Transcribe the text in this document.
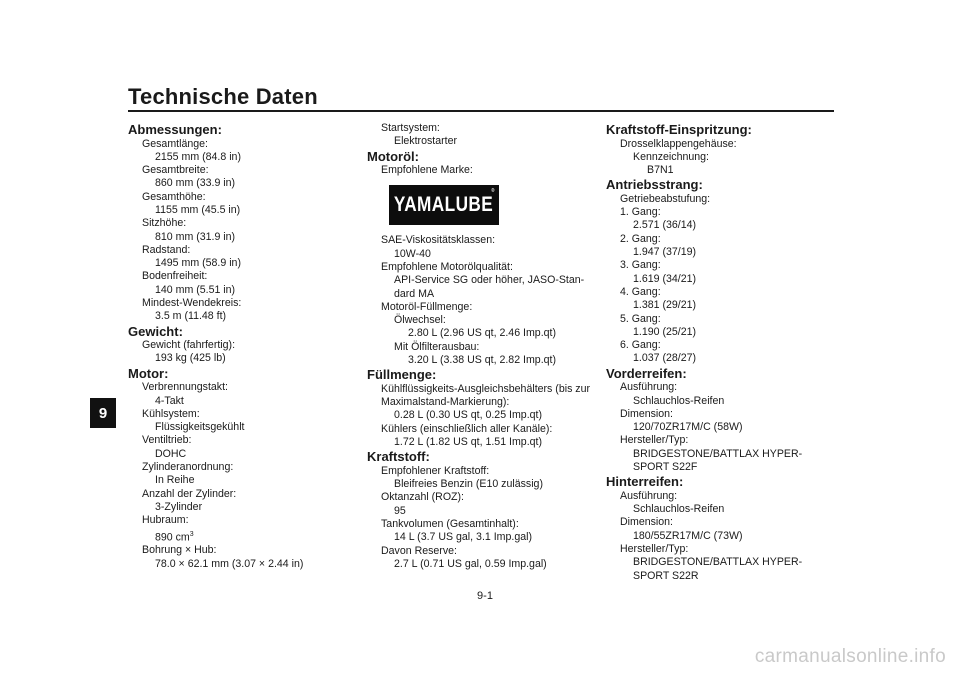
Technische Daten
9
Abmessungen:
Gesamtlänge:
2155 mm (84.8 in)
Gesamtbreite:
860 mm (33.9 in)
Gesamthöhe:
1155 mm (45.5 in)
Sitzhöhe:
810 mm (31.9 in)
Radstand:
1495 mm (58.9 in)
Bodenfreiheit:
140 mm (5.51 in)
Mindest-Wendekreis:
3.5 m (11.48 ft)
Gewicht:
Gewicht (fahrfertig):
193 kg (425 lb)
Motor:
Verbrennungstakt:
4-Takt
Kühlsystem:
Flüssigkeitsgekühlt
Ventiltrieb:
DOHC
Zylinderanordnung:
In Reihe
Anzahl der Zylinder:
3-Zylinder
Hubraum:
890 $cm^3$
Bohrung × Hub:
78.0 × 62.1 mm (3.07 × 2.44 in)
Startsystem:
Elektrostarter
Motoröl:
Empfohlene Marke:
YAMALUBE
®
SAE-Viskositätsklassen:
10W-40
Empfohlene Motorölqualität:
API-Service SG oder höher, JASO-Stan-
dard MA
Motoröl-Füllmenge:
Ölwechsel:
2.80 L (2.96 US qt, 2.46 Imp.qt)
Mit Ölfilterausbau:
3.20 L (3.38 US qt, 2.82 Imp.qt)
Füllmenge:
Kühlflüssigkeits-Ausgleichsbehälters (bis zur
Maximalstand-Markierung):
0.28 L (0.30 US qt, 0.25 Imp.qt)
Kühlers (einschließlich aller Kanäle):
1.72 L (1.82 US qt, 1.51 Imp.qt)
Kraftstoff:
Empfohlener Kraftstoff:
Bleifreies Benzin (E10 zulässig)
Oktanzahl (ROZ):
95
Tankvolumen (Gesamtinhalt):
14 L (3.7 US gal, 3.1 Imp.gal)
Davon Reserve:
2.7 L (0.71 US gal, 0.59 Imp.gal)
Kraftstoff-Einspritzung:
Drosselklappengehäuse:
Kennzeichnung:
B7N1
Antriebsstrang:
Getriebeabstufung:
1. Gang:
2.571 (36/14)
2. Gang:
1.947 (37/19)
3. Gang:
1.619 (34/21)
4. Gang:
1.381 (29/21)
5. Gang:
1.190 (25/21)
6. Gang:
1.037 (28/27)
Vorderreifen:
Ausführung:
Schlauchlos-Reifen
Dimension:
120/70ZR17M/C (58W)
Hersteller/Typ:
BRIDGESTONE/BATTLAX HYPER-
SPORT S22F
Hinterreifen:
Ausführung:
Schlauchlos-Reifen
Dimension:
180/55ZR17M/C (73W)
Hersteller/Typ:
BRIDGESTONE/BATTLAX HYPER-
SPORT S22R
9-1
carmanualsonline.info
